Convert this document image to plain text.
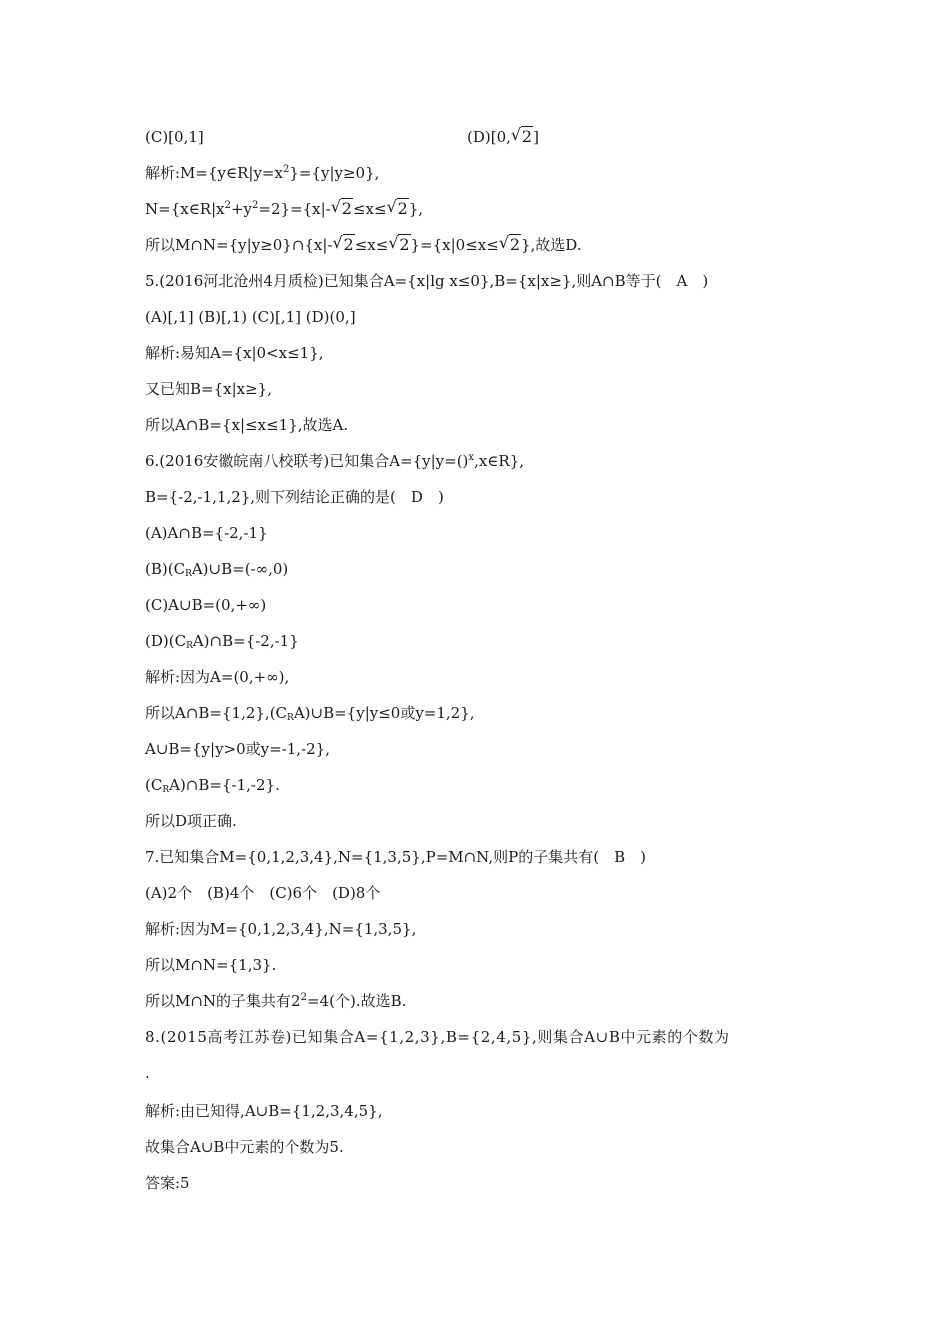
(C)[0,1]	(D)[0,√ 2]
解析$:M=\{y\in R|y=x^2\}=\{y|y\ge 0\}$,
$N=\{x\in R|x^2+y^2=2\}=\{x|-√$ 2≤x≤√ 2},
所以M∩N={y|y≥0}∩{x|-√ 2≤x≤√ 2}={x|0≤x≤√ 2},故选D.
5.(2016河北沧州4月质检)已知集合A={x|lg x≤0},B={x|x≥},则A∩B等于(　A　)
(A)[,1] (B)[,1) (C)[,1] (D)(0,]
解析:易知A={x|0<x≤1},
又已知B={x|x≥},
所以A∩B={x|≤x≤1},故选A.
6.(2016安徽皖南八校联考)已知集合A={y|y=()$^x$,x∈R},
B={-2,-1,1,2},则下列结论正确的是(　D　)
(A)A∩B={-2,-1}
$(B)(C_RA)\cup B=(-\infty,0)$
(C)A∪B=(0,+∞)
$(D)(C_RA)\cap B=\{-2,-1\}$
解析:因为A=(0,+∞),
所以$A\cap B=\{1,2\},(C_RA)\cup B=\{y|y\le 0$或y=1,2},
A∪B={y|y>0或y=-1,-2},
$(C_RA)\cap B=\{-1,-2\}$.
所以D项正确.
7.已知集合M={0,1,2,3,4},N={1,3,5},P=M∩N,则P的子集共有(　B　)
(A)2个　(B)4个　(C)6个　(D)8个
解析:因为M={0,1,2,3,4},N={1,3,5},
所以M∩N={1,3}.
所以M∩N的子集共有$2^2=4$(个).故选B.
8.(2015高考江苏卷)已知集合A={1,2,3},B={2,4,5},则集合A∪B中元素的个数为
.
解析:由已知得,A∪B={1,2,3,4,5},
故集合A∪B中元素的个数为5.
答案:5
